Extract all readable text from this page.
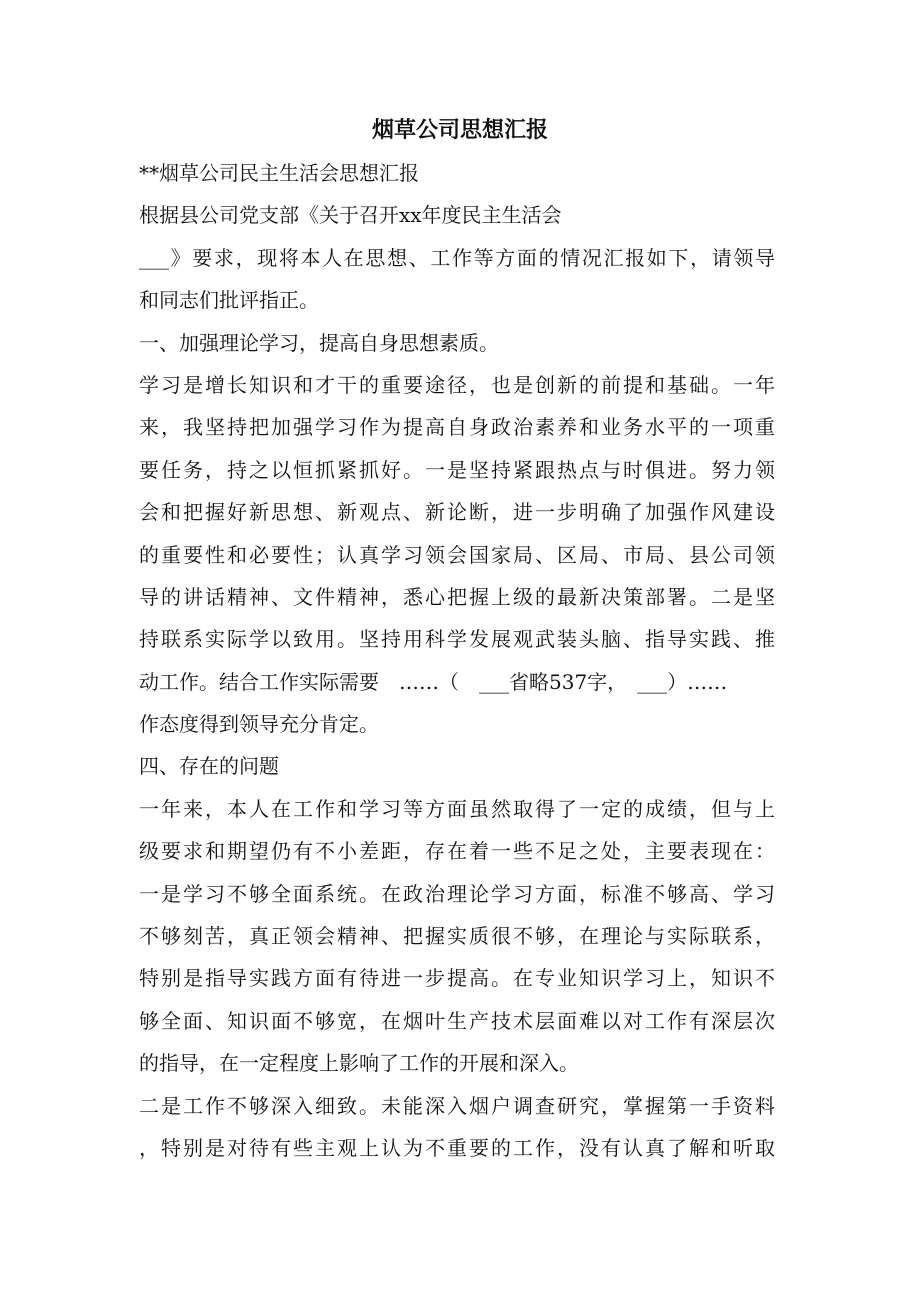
烟草公司思想汇报
**烟草公司民主生活会思想汇报
根据县公司党支部《关于召开xx年度民主生活会
___》要求，现将本人在思想、工作等方面的情况汇报如下，请领导
和同志们批评指正。
一、加强理论学习，提高自身思想素质。
学习是增长知识和才干的重要途径，也是创新的前提和基础。一年
来，我坚持把加强学习作为提高自身政治素养和业务水平的一项重
要任务，持之以恒抓紧抓好。一是坚持紧跟热点与时俱进。努力领
会和把握好新思想、新观点、新论断，进一步明确了加强作风建设
的重要性和必要性；认真学习领会国家局、区局、市局、县公司领
导的讲话精神、文件精神，悉心把握上级的最新决策部署。二是坚
持联系实际学以致用。坚持用科学发展观武装头脑、指导实践、推
动工作。结合工作实际需要　……（　___省略537字，　___）……
作态度得到领导充分肯定。
四、存在的问题
一年来，本人在工作和学习等方面虽然取得了一定的成绩，但与上
级要求和期望仍有不小差距，存在着一些不足之处，主要表现在：
一是学习不够全面系统。在政治理论学习方面，标准不够高、学习
不够刻苦，真正领会精神、把握实质很不够，在理论与实际联系，
特别是指导实践方面有待进一步提高。在专业知识学习上，知识不
够全面、知识面不够宽，在烟叶生产技术层面难以对工作有深层次
的指导，在一定程度上影响了工作的开展和深入。
二是工作不够深入细致。未能深入烟户调查研究，掌握第一手资料
，特别是对待有些主观上认为不重要的工作，没有认真了解和听取
